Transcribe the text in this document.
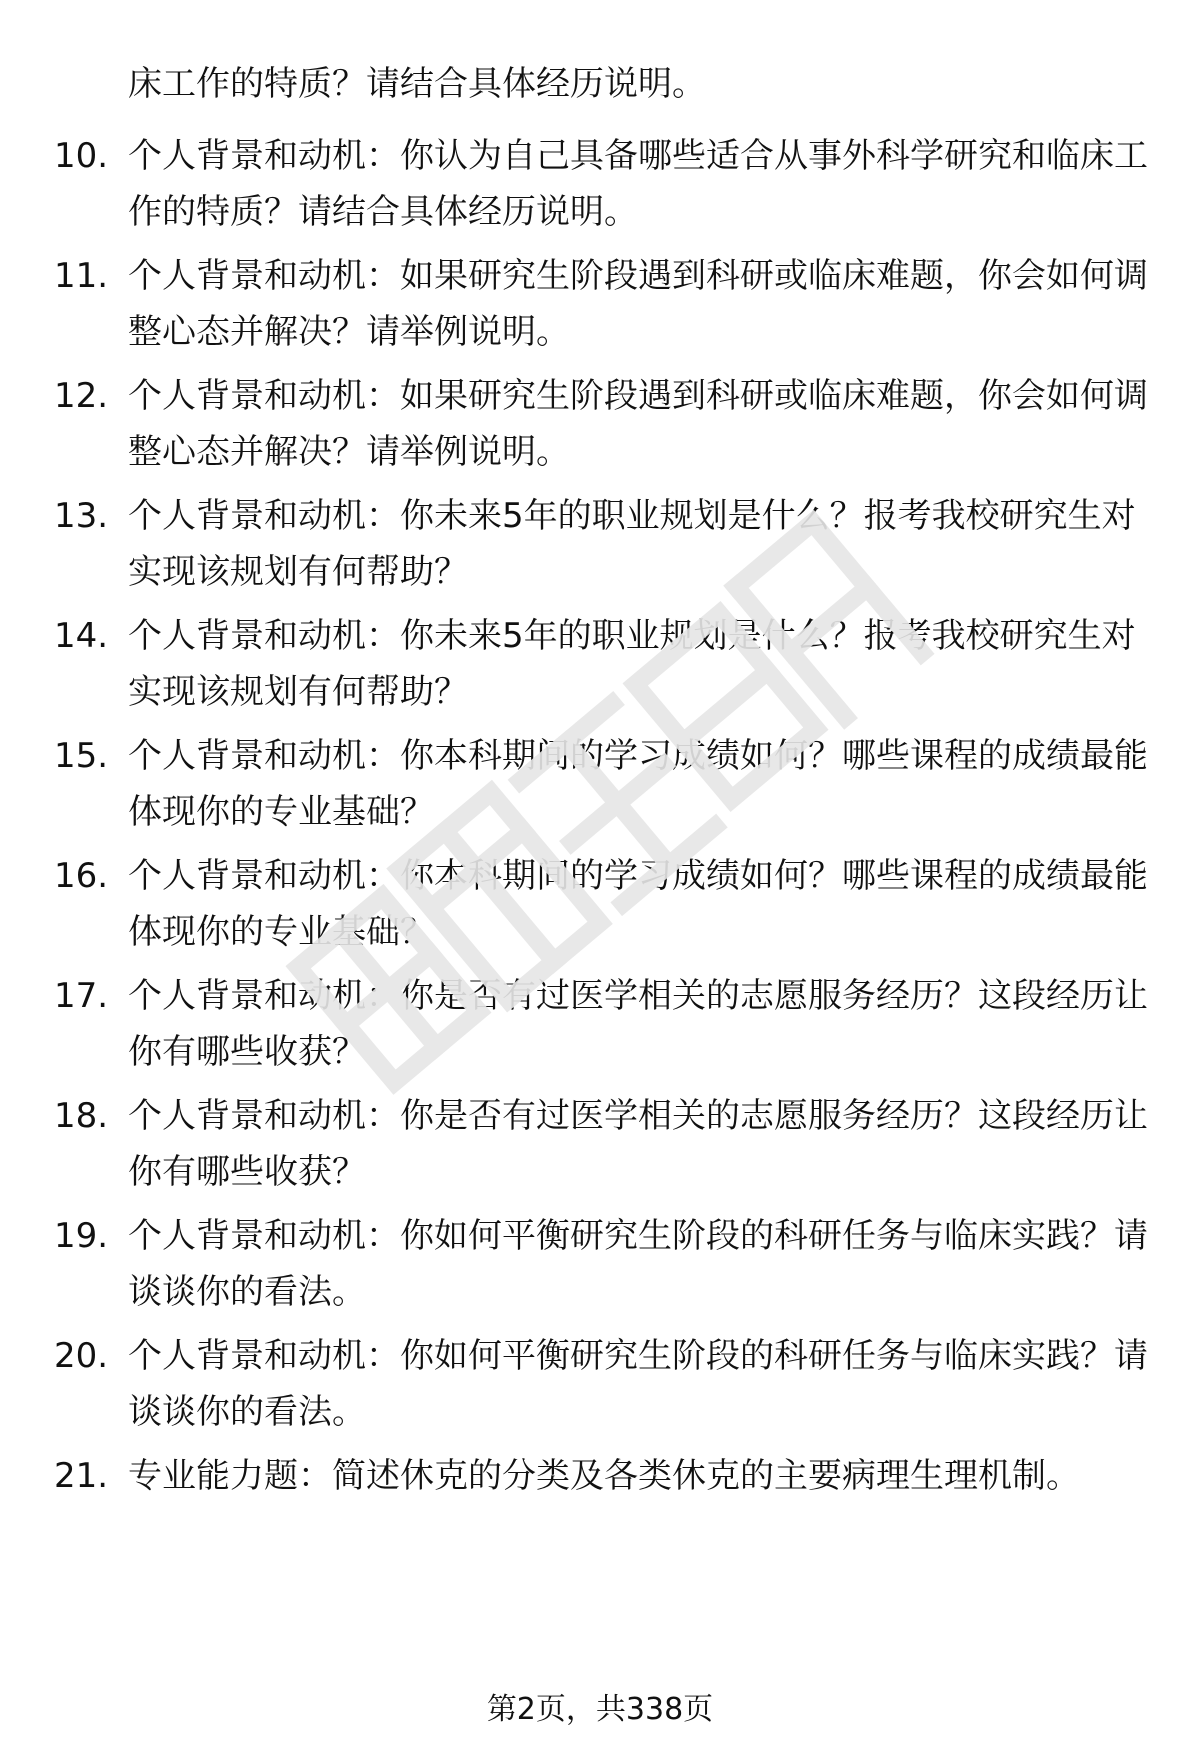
床工作的特质？请结合具体经历说明。
10. 个人背景和动机：你认为自己具备哪些适合从事外科学研究和临床工作的特质？请结合具体经历说明。
11. 个人背景和动机：如果研究生阶段遇到科研或临床难题，你会如何调整心态并解决？请举例说明。
12. 个人背景和动机：如果研究生阶段遇到科研或临床难题，你会如何调整心态并解决？请举例说明。
13. 个人背景和动机：你未来5年的职业规划是什么？报考我校研究生对实现该规划有何帮助？
14. 个人背景和动机：你未来5年的职业规划是什么？报考我校研究生对实现该规划有何帮助？
15. 个人背景和动机：你本科期间的学习成绩如何？哪些课程的成绩最能体现你的专业基础？
16. 个人背景和动机：你本科期间的学习成绩如何？哪些课程的成绩最能体现你的专业基础？
17. 个人背景和动机：你是否有过医学相关的志愿服务经历？这段经历让你有哪些收获？
18. 个人背景和动机：你是否有过医学相关的志愿服务经历？这段经历让你有哪些收获？
19. 个人背景和动机：你如何平衡研究生阶段的科研任务与临床实践？请谈谈你的看法。
20. 个人背景和动机：你如何平衡研究生阶段的科研任务与临床实践？请谈谈你的看法。
21. 专业能力题：简述休克的分类及各类休克的主要病理生理机制。
第2页，共338页
